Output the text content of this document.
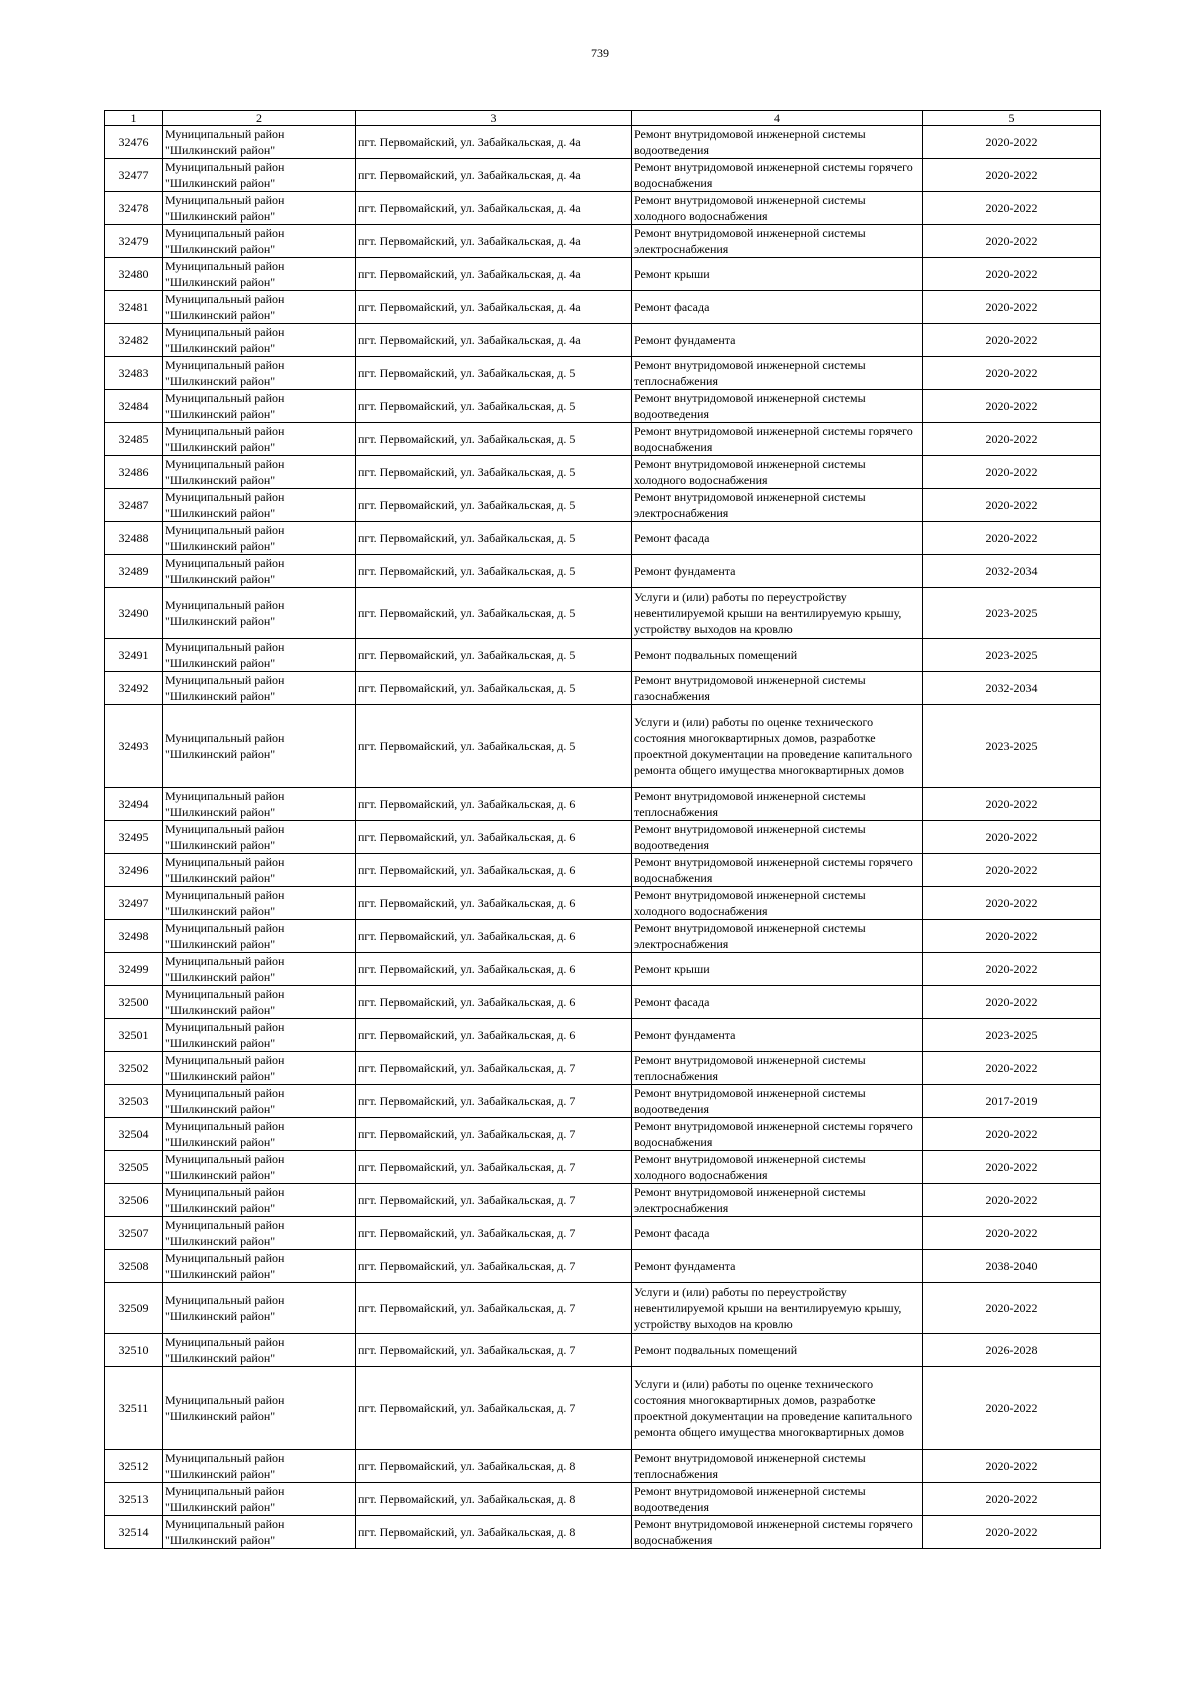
739
1	2	3	4	5
32476	Муниципальный район "Шилкинский район"	пгт. Первомайский, ул. Забайкальская, д. 4а	Ремонт внутридомовой инженерной системы водоотведения	2020-2022
32477	Муниципальный район "Шилкинский район"	пгт. Первомайский, ул. Забайкальская, д. 4а	Ремонт внутридомовой инженерной системы горячего водоснабжения	2020-2022
32478	Муниципальный район "Шилкинский район"	пгт. Первомайский, ул. Забайкальская, д. 4а	Ремонт внутридомовой инженерной системы холодного водоснабжения	2020-2022
32479	Муниципальный район "Шилкинский район"	пгт. Первомайский, ул. Забайкальская, д. 4а	Ремонт внутридомовой инженерной системы электроснабжения	2020-2022
32480	Муниципальный район "Шилкинский район"	пгт. Первомайский, ул. Забайкальская, д. 4а	Ремонт крыши	2020-2022
32481	Муниципальный район "Шилкинский район"	пгт. Первомайский, ул. Забайкальская, д. 4а	Ремонт фасада	2020-2022
32482	Муниципальный район "Шилкинский район"	пгт. Первомайский, ул. Забайкальская, д. 4а	Ремонт фундамента	2020-2022
32483	Муниципальный район "Шилкинский район"	пгт. Первомайский, ул. Забайкальская, д. 5	Ремонт внутридомовой инженерной системы теплоснабжения	2020-2022
32484	Муниципальный район "Шилкинский район"	пгт. Первомайский, ул. Забайкальская, д. 5	Ремонт внутридомовой инженерной системы водоотведения	2020-2022
32485	Муниципальный район "Шилкинский район"	пгт. Первомайский, ул. Забайкальская, д. 5	Ремонт внутридомовой инженерной системы горячего водоснабжения	2020-2022
32486	Муниципальный район "Шилкинский район"	пгт. Первомайский, ул. Забайкальская, д. 5	Ремонт внутридомовой инженерной системы холодного водоснабжения	2020-2022
32487	Муниципальный район "Шилкинский район"	пгт. Первомайский, ул. Забайкальская, д. 5	Ремонт внутридомовой инженерной системы электроснабжения	2020-2022
32488	Муниципальный район "Шилкинский район"	пгт. Первомайский, ул. Забайкальская, д. 5	Ремонт фасада	2020-2022
32489	Муниципальный район "Шилкинский район"	пгт. Первомайский, ул. Забайкальская, д. 5	Ремонт фундамента	2032-2034
32490	Муниципальный район "Шилкинский район"	пгт. Первомайский, ул. Забайкальская, д. 5	Услуги и (или) работы по переустройству невентилируемой крыши на вентилируемую крышу, устройству выходов на кровлю	2023-2025
32491	Муниципальный район "Шилкинский район"	пгт. Первомайский, ул. Забайкальская, д. 5	Ремонт подвальных помещений	2023-2025
32492	Муниципальный район "Шилкинский район"	пгт. Первомайский, ул. Забайкальская, д. 5	Ремонт внутридомовой инженерной системы газоснабжения	2032-2034
32493	Муниципальный район "Шилкинский район"	пгт. Первомайский, ул. Забайкальская, д. 5	Услуги и (или) работы по оценке технического состояния многоквартирных домов, разработке проектной документации на проведение капитального ремонта общего имущества многоквартирных домов	2023-2025
32494	Муниципальный район "Шилкинский район"	пгт. Первомайский, ул. Забайкальская, д. 6	Ремонт внутридомовой инженерной системы теплоснабжения	2020-2022
32495	Муниципальный район "Шилкинский район"	пгт. Первомайский, ул. Забайкальская, д. 6	Ремонт внутридомовой инженерной системы водоотведения	2020-2022
32496	Муниципальный район "Шилкинский район"	пгт. Первомайский, ул. Забайкальская, д. 6	Ремонт внутридомовой инженерной системы горячего водоснабжения	2020-2022
32497	Муниципальный район "Шилкинский район"	пгт. Первомайский, ул. Забайкальская, д. 6	Ремонт внутридомовой инженерной системы холодного водоснабжения	2020-2022
32498	Муниципальный район "Шилкинский район"	пгт. Первомайский, ул. Забайкальская, д. 6	Ремонт внутридомовой инженерной системы электроснабжения	2020-2022
32499	Муниципальный район "Шилкинский район"	пгт. Первомайский, ул. Забайкальская, д. 6	Ремонт крыши	2020-2022
32500	Муниципальный район "Шилкинский район"	пгт. Первомайский, ул. Забайкальская, д. 6	Ремонт фасада	2020-2022
32501	Муниципальный район "Шилкинский район"	пгт. Первомайский, ул. Забайкальская, д. 6	Ремонт фундамента	2023-2025
32502	Муниципальный район "Шилкинский район"	пгт. Первомайский, ул. Забайкальская, д. 7	Ремонт внутридомовой инженерной системы теплоснабжения	2020-2022
32503	Муниципальный район "Шилкинский район"	пгт. Первомайский, ул. Забайкальская, д. 7	Ремонт внутридомовой инженерной системы водоотведения	2017-2019
32504	Муниципальный район "Шилкинский район"	пгт. Первомайский, ул. Забайкальская, д. 7	Ремонт внутридомовой инженерной системы горячего водоснабжения	2020-2022
32505	Муниципальный район "Шилкинский район"	пгт. Первомайский, ул. Забайкальская, д. 7	Ремонт внутридомовой инженерной системы холодного водоснабжения	2020-2022
32506	Муниципальный район "Шилкинский район"	пгт. Первомайский, ул. Забайкальская, д. 7	Ремонт внутридомовой инженерной системы электроснабжения	2020-2022
32507	Муниципальный район "Шилкинский район"	пгт. Первомайский, ул. Забайкальская, д. 7	Ремонт фасада	2020-2022
32508	Муниципальный район "Шилкинский район"	пгт. Первомайский, ул. Забайкальская, д. 7	Ремонт фундамента	2038-2040
32509	Муниципальный район "Шилкинский район"	пгт. Первомайский, ул. Забайкальская, д. 7	Услуги и (или) работы по переустройству невентилируемой крыши на вентилируемую крышу, устройству выходов на кровлю	2020-2022
32510	Муниципальный район "Шилкинский район"	пгт. Первомайский, ул. Забайкальская, д. 7	Ремонт подвальных помещений	2026-2028
32511	Муниципальный район "Шилкинский район"	пгт. Первомайский, ул. Забайкальская, д. 7	Услуги и (или) работы по оценке технического состояния многоквартирных домов, разработке проектной документации на проведение капитального ремонта общего имущества многоквартирных домов	2020-2022
32512	Муниципальный район "Шилкинский район"	пгт. Первомайский, ул. Забайкальская, д. 8	Ремонт внутридомовой инженерной системы теплоснабжения	2020-2022
32513	Муниципальный район "Шилкинский район"	пгт. Первомайский, ул. Забайкальская, д. 8	Ремонт внутридомовой инженерной системы водоотведения	2020-2022
32514	Муниципальный район "Шилкинский район"	пгт. Первомайский, ул. Забайкальская, д. 8	Ремонт внутридомовой инженерной системы горячего водоснабжения	2020-2022
